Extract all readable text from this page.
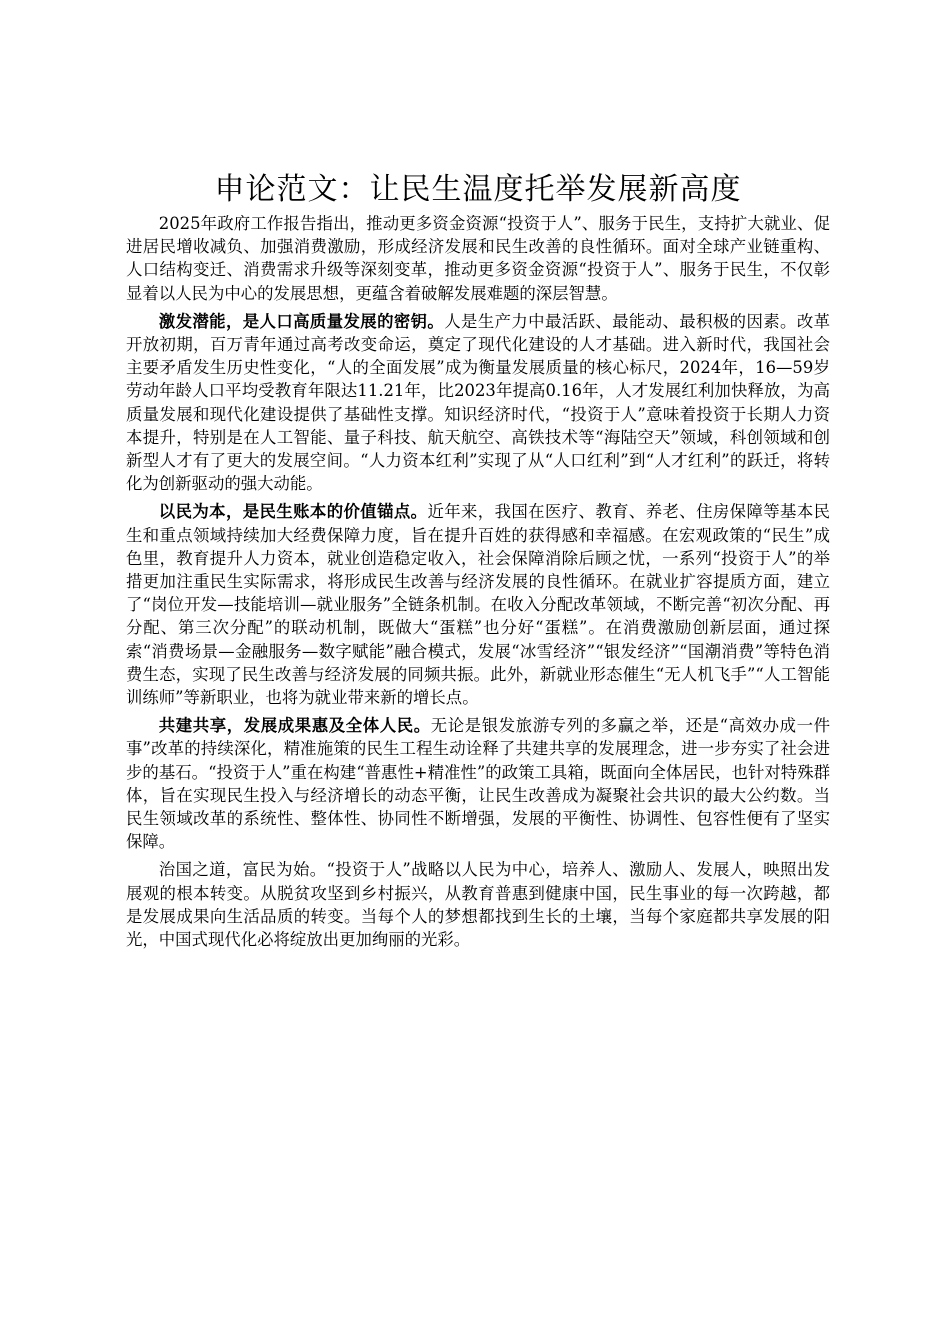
申论范文：让民生温度托举发展新高度

2025年政府工作报告指出，推动更多资金资源“投资于人”、服务于民生，支持扩大就业、促进居民增收减负、加强消费激励，形成经济发展和民生改善的良性循环。面对全球产业链重构、人口结构变迁、消费需求升级等深刻变革，推动更多资金资源“投资于人”、服务于民生，不仅彰显着以人民为中心的发展思想，更蕴含着破解发展难题的深层智慧。

激发潜能，是人口高质量发展的密钥。人是生产力中最活跃、最能动、最积极的因素。改革开放初期，百万青年通过高考改变命运，奠定了现代化建设的人才基础。进入新时代，我国社会主要矛盾发生历史性变化，“人的全面发展”成为衡量发展质量的核心标尺，2024年，16—59岁劳动年龄人口平均受教育年限达11.21年，比2023年提高0.16年，人才发展红利加快释放，为高质量发展和现代化建设提供了基础性支撑。知识经济时代，“投资于人”意味着投资于长期人力资本提升，特别是在人工智能、量子科技、航天航空、高铁技术等“海陆空天”领域，科创领域和创新型人才有了更大的发展空间。“人力资本红利”实现了从“人口红利”到“人才红利”的跃迁，将转化为创新驱动的强大动能。

以民为本，是民生账本的价值锚点。近年来，我国在医疗、教育、养老、住房保障等基本民生和重点领域持续加大经费保障力度，旨在提升百姓的获得感和幸福感。在宏观政策的“民生”成色里，教育提升人力资本，就业创造稳定收入，社会保障消除后顾之忧，一系列“投资于人”的举措更加注重民生实际需求，将形成民生改善与经济发展的良性循环。在就业扩容提质方面，建立了“岗位开发—技能培训—就业服务”全链条机制。在收入分配改革领域，不断完善“初次分配、再分配、第三次分配”的联动机制，既做大“蛋糕”也分好“蛋糕”。在消费激励创新层面，通过探索“消费场景—金融服务—数字赋能”融合模式，发展“冰雪经济”“银发经济”“国潮消费”等特色消费生态，实现了民生改善与经济发展的同频共振。此外，新就业形态催生“无人机飞手”“人工智能训练师”等新职业，也将为就业带来新的增长点。

共建共享，发展成果惠及全体人民。无论是银发旅游专列的多赢之举，还是“高效办成一件事”改革的持续深化，精准施策的民生工程生动诠释了共建共享的发展理念，进一步夯实了社会进步的基石。“投资于人”重在构建“普惠性+精准性”的政策工具箱，既面向全体居民，也针对特殊群体，旨在实现民生投入与经济增长的动态平衡，让民生改善成为凝聚社会共识的最大公约数。当民生领域改革的系统性、整体性、协同性不断增强，发展的平衡性、协调性、包容性便有了坚实保障。

治国之道，富民为始。“投资于人”战略以人民为中心，培养人、激励人、发展人，映照出发展观的根本转变。从脱贫攻坚到乡村振兴，从教育普惠到健康中国，民生事业的每一次跨越，都是发展成果向生活品质的转变。当每个人的梦想都找到生长的土壤，当每个家庭都共享发展的阳光，中国式现代化必将绽放出更加绚丽的光彩。
